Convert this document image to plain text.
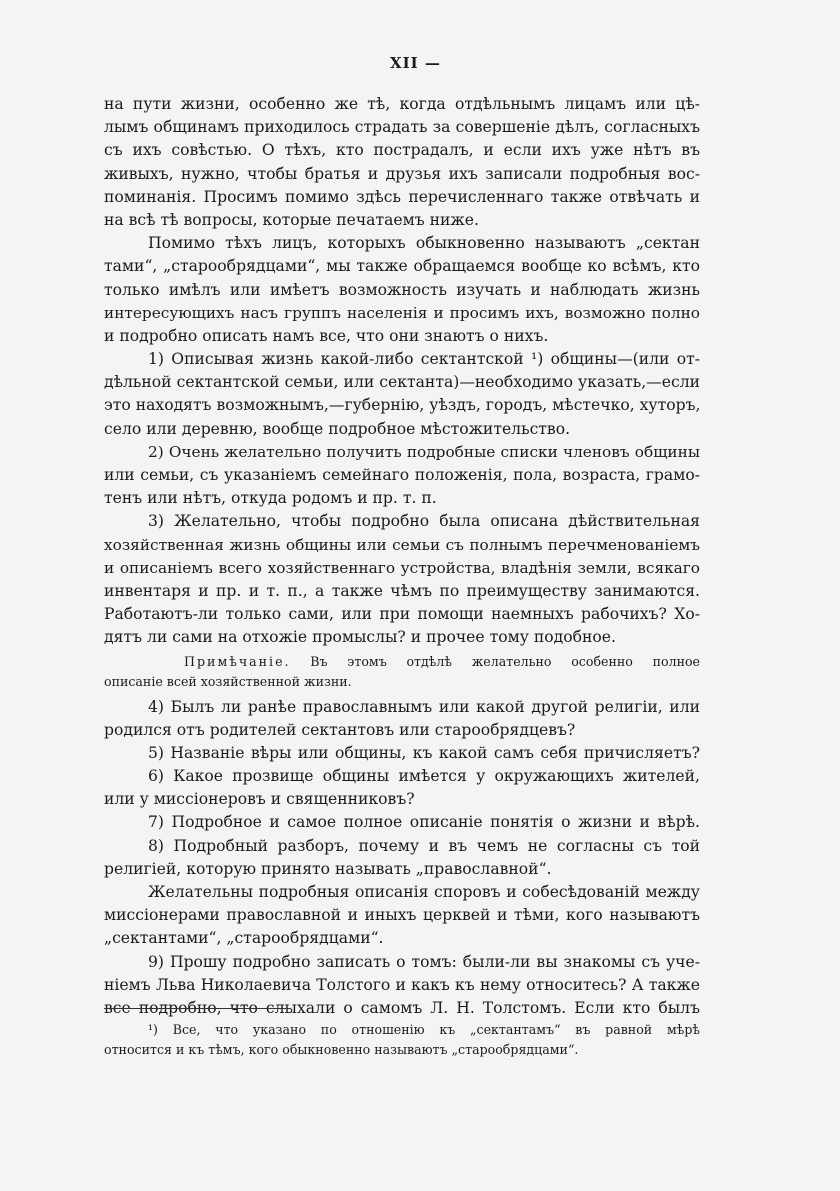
XII —
на пути жизни, особенно же тѣ, когда отдѣльнымъ лицамъ или цѣ-
лымъ общинамъ приходилось страдать за совершеніе дѣлъ, согласныхъ
съ ихъ совѣстью. О тѣхъ, кто пострадалъ, и если ихъ уже нѣтъ въ
живыхъ, нужно, чтобы братья и друзья ихъ записали подробныя вос-
поминанія. Просимъ помимо здѣсь перечисленнаго также отвѣчать и
на всѣ тѣ вопросы, которые печатаемъ ниже.
Помимо тѣхъ лицъ, которыхъ обыкновенно называютъ „сектан
тами“, „старообрядцами“, мы также обращаемся вообще ко всѣмъ, кто
только имѣлъ или имѣетъ возможность изучать и наблюдать жизнь
интересующихъ насъ группъ населенія и просимъ ихъ, возможно полно
и подробно описать намъ все, что они знаютъ о нихъ.
1) Описывая жизнь какой-либо сектантской ¹) общины—(или от-
дѣльной сектантской семьи, или сектанта)—необходимо указать,—если
это находятъ возможнымъ,—губернію, уѣздъ, городъ, мѣстечко, хуторъ,
село или деревню, вообще подробное мѣстожительство.
2) Очень желательно получить подробные списки членовъ общины
или семьи, съ указаніемъ семейнаго положенія, пола, возраста, грамо-
тенъ или нѣтъ, откуда родомъ и пр. т. п.
3) Желательно, чтобы подробно была описана дѣйствительная
хозяйственная жизнь общины или семьи съ полнымъ перечменованіемъ
и описаніемъ всего хозяйственнаго устройства, владѣнія земли, всякаго
инвентаря и пр. и т. п., а также чѣмъ по преимуществу занимаются.
Работаютъ-ли только сами, или при помощи наемныхъ рабочихъ? Хо-
дятъ ли сами на отхожіе промыслы? и прочее тому подобное.
Примѣчаніе. Въ этомъ отдѣлѣ желательно особенно полное
описаніе всей хозяйственной жизни.
4) Былъ ли ранѣе православнымъ или какой другой религіи, или
родился отъ родителей сектантовъ или старообрядцевъ?
5) Названіе вѣры или общины, къ какой самъ себя причисляетъ?
6) Какое прозвище общины имѣется у окружающихъ жителей,
или у миссіонеровъ и священниковъ?
7) Подробное и самое полное описаніе понятія о жизни и вѣрѣ.
8) Подробный разборъ, почему и въ чемъ не согласны съ той
религіей, которую принято называть „православной“.
Желательны подробныя описанія споровъ и собесѣдованій между
миссіонерами православной и иныхъ церквей и тѣми, кого называютъ
„сектантами“, „старообрядцами“.
9) Прошу подробно записать о томъ: были-ли вы знакомы съ уче-
ніемъ Льва Николаевича Толстого и какъ къ нему относитесь? А также
все подробно, что слыхали о самомъ Л. Н. Толстомъ. Если кто былъ
¹) Все, что указано по отношенію къ „сектантамъ“ въ равной мѣрѣ
относится и къ тѣмъ, кого обыкновенно называютъ „старообрядцами“.
